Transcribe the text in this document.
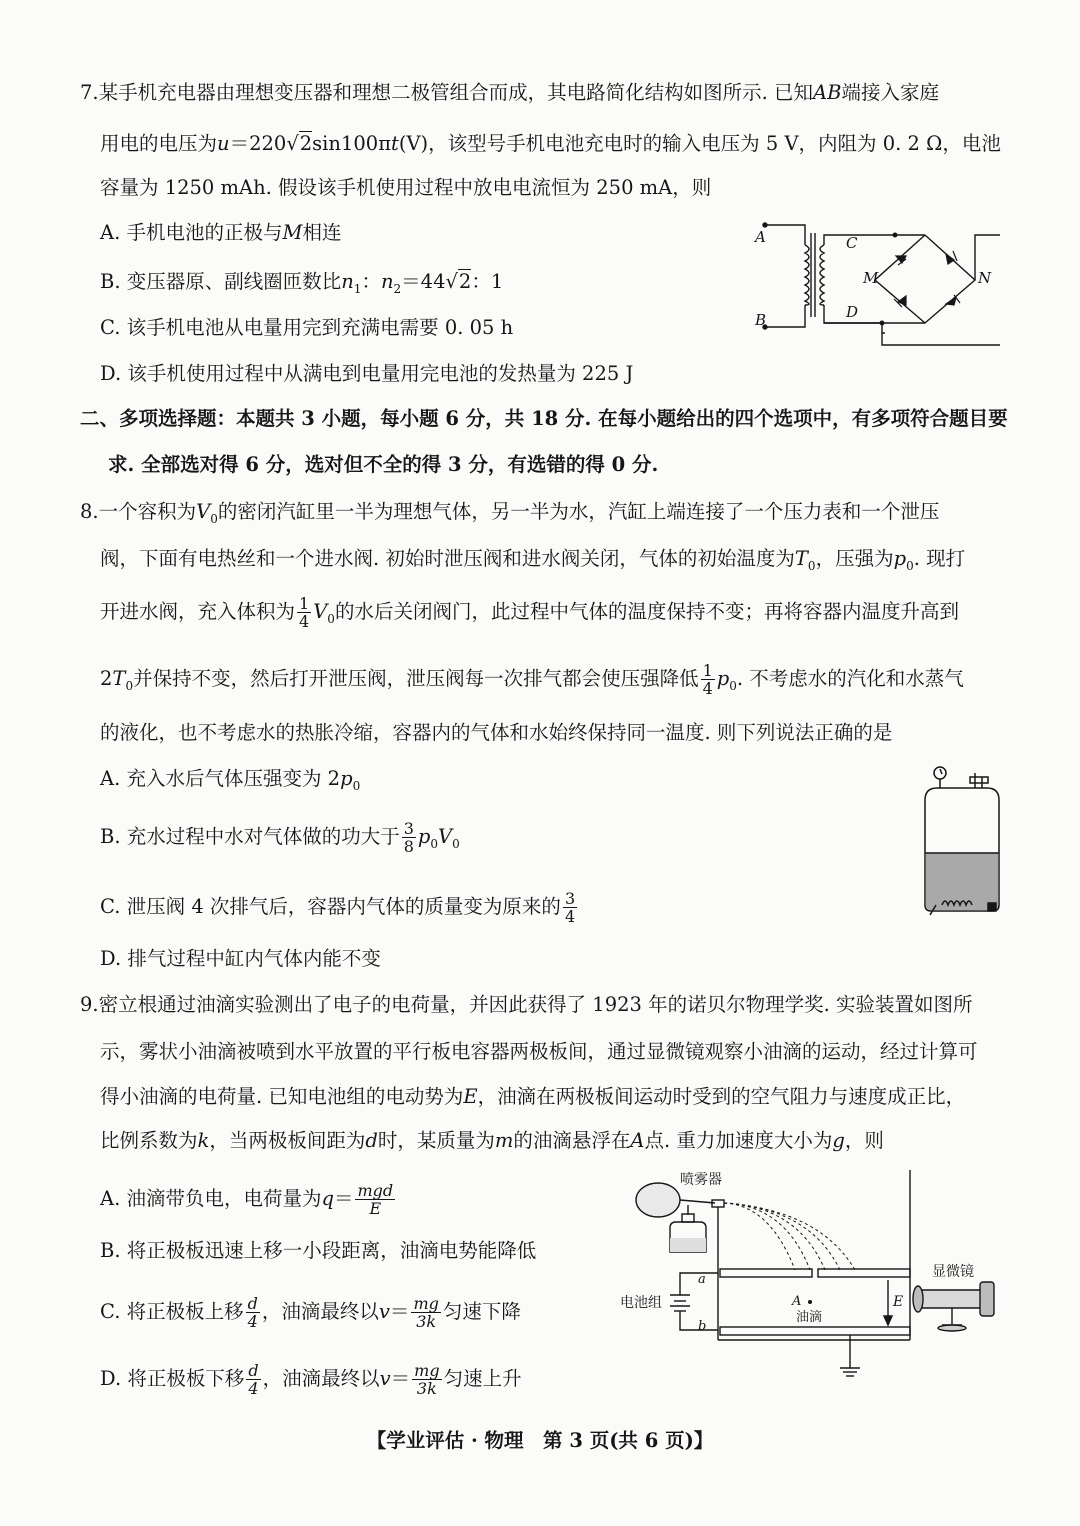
7.某手机充电器由理想变压器和理想二极管组合而成，其电路简化结构如图所示. 已知AB端接入家庭
用电的电压为u＝220√2sin100πt(V)，该型号手机电池充电时的输入电压为 5 V，内阻为 0. 2 Ω，电池
容量为 1250 mAh. 假设该手机使用过程中放电电流恒为 250 mA，则
A. 手机电池的正极与M相连
B. 变压器原、副线圈匝数比$n_1$：$n_2=44√2$：1
C. 该手机电池从电量用完到充满电需要 0. 05 h
D. 该手机使用过程中从满电到电量用完电池的发热量为 225 J
A
B
C
D
M	N
二、多项选择题：本题共 3 小题，每小题 6 分，共 18 分. 在每小题给出的四个选项中，有多项符合题目要
求. 全部选对得 6 分，选对但不全的得 3 分，有选错的得 0 分.
8.一个容积为$V_0$的密闭汽缸里一半为理想气体，另一半为水，汽缸上端连接了一个压力表和一个泄压
阀，下面有电热丝和一个进水阀. 初始时泄压阀和进水阀关闭，气体的初始温度为$T_0$，压强为$p_0$. 现打
开进水阀，充入体积为 $\frac{1}{4} V_0$的水后关闭阀门，此过程中气体的温度保持不变；再将容器内温度升高到
$2T_0$并保持不变，然后打开泄压阀，泄压阀每一次排气都会使压强降低 $\frac{1}{4} p_0$. 不考虑水的汽化和水蒸气
的液化，也不考虑水的热胀冷缩，容器内的气体和水始终保持同一温度. 则下列说法正确的是
A. 充入水后气体压强变为 $2p_0$
B. 充水过程中水对气体做的功大于 $\frac{3}{8} p_0V_0$
C. 泄压阀 4 次排气后，容器内气体的质量变为原来的 $\frac{3}{4}$
D. 排气过程中缸内气体内能不变
9.密立根通过油滴实验测出了电子的电荷量，并因此获得了 1923 年的诺贝尔物理学奖. 实验装置如图所
示，雾状小油滴被喷到水平放置的平行板电容器两极板间，通过显微镜观察小油滴的运动，经过计算可
得小油滴的电荷量. 已知电池组的电动势为E，油滴在两极板间运动时受到的空气阻力与速度成正比，
比例系数为k，当两极板间距为d时，某质量为m的油滴悬浮在A点. 重力加速度大小为g，则
A. 油滴带负电，电荷量为$q= \frac{\text{mgd}}{E}$
B. 将正极板迅速上移一小段距离，油滴电势能降低
C. 将正极板上移 $\frac{d}{4}$ ，油滴最终以$v= \frac{mg}{3k}$ 匀速下降
D. 将正极板下移 $\frac{d}{4}$ ，油滴最终以$v= \frac{mg}{3k}$ 匀速上升
喷雾器
电池组
显微镜
a
b
A
油滴
E
【学业评估 · 物理　第 3 页(共 6 页)】
